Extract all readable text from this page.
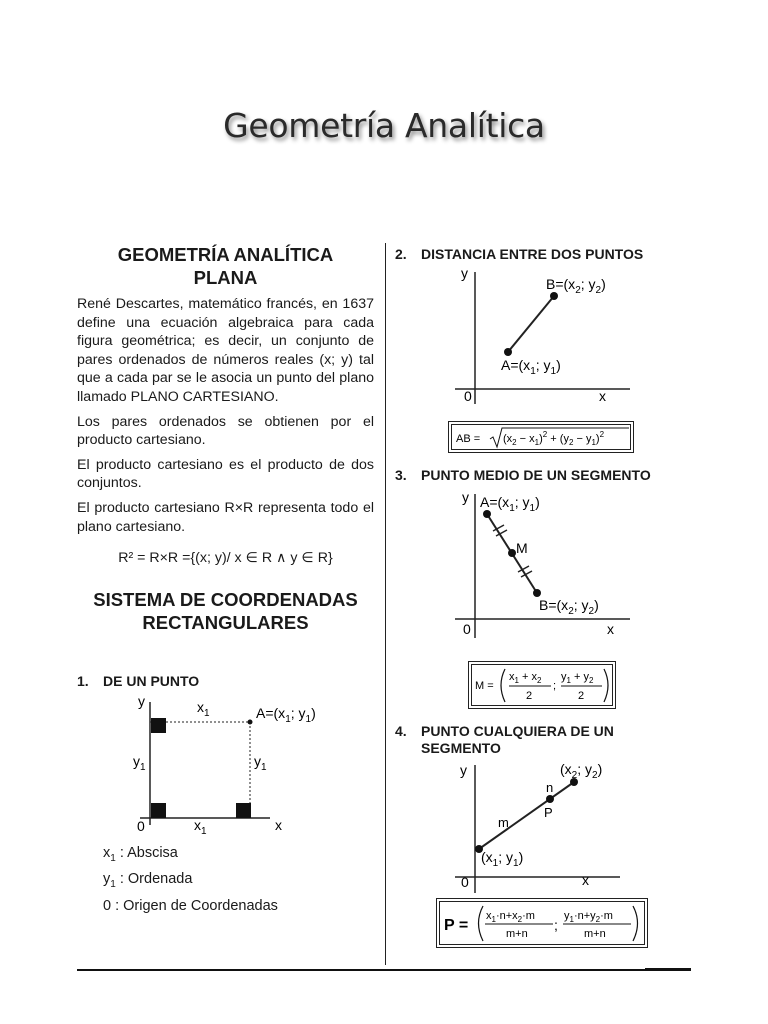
Geometría Analítica

GEOMETRÍA ANALÍTICA
PLANA

René Descartes, matemático francés, en 1637 define una ecuación algebraica para cada figura geométrica; es decir, un conjunto de pares ordenados de números reales (x; y) tal que a cada par se le asocia un punto del plano llamado PLANO CARTESIANO.

Los pares ordenados se obtienen por el producto cartesiano.

El producto cartesiano es el producto de dos conjuntos.

El producto cartesiano R×R representa todo el plano cartesiano.

R² = R×R ={(x; y)/ x ∈ R ∧ y ∈ R}

SISTEMA DE COORDENADAS
RECTANGULARES

1. DE UN PUNTO
y
x
0
$x_1$
$x_1$
$y_1$	$y_1$
$A=(x_1$; $y_1$)
$x_1$ : Abscisa
$y_1$ : Ordenada
0 : Origen de Coordenadas
2. DISTANCIA ENTRE DOS PUNTOS
y
x
0
$B=(x_2$; $y_2$)
$A=(x_1$; $y_1$)
AB = $(x_2 - x_1)^2 + (y_2 - y_1)^2$
3. PUNTO MEDIO DE UN SEGMENTO
y
x
0
$A=(x_1$; $y_1$)
M
$B=(x_2$; $y_2$)
M =
$x_1 + x_2$
2
;
$y_1 + y_2$
2
4. PUNTO CUALQUIERA DE UN
SEGMENTO
y
x
0
($x_2$; $y_2$)
($x_1$; $y_1$)
n
m
P
P =
$x_1\cdot n+x_2\cdot m$
m+n
;
$y_1\cdot n+y_2\cdot m$
m+n
